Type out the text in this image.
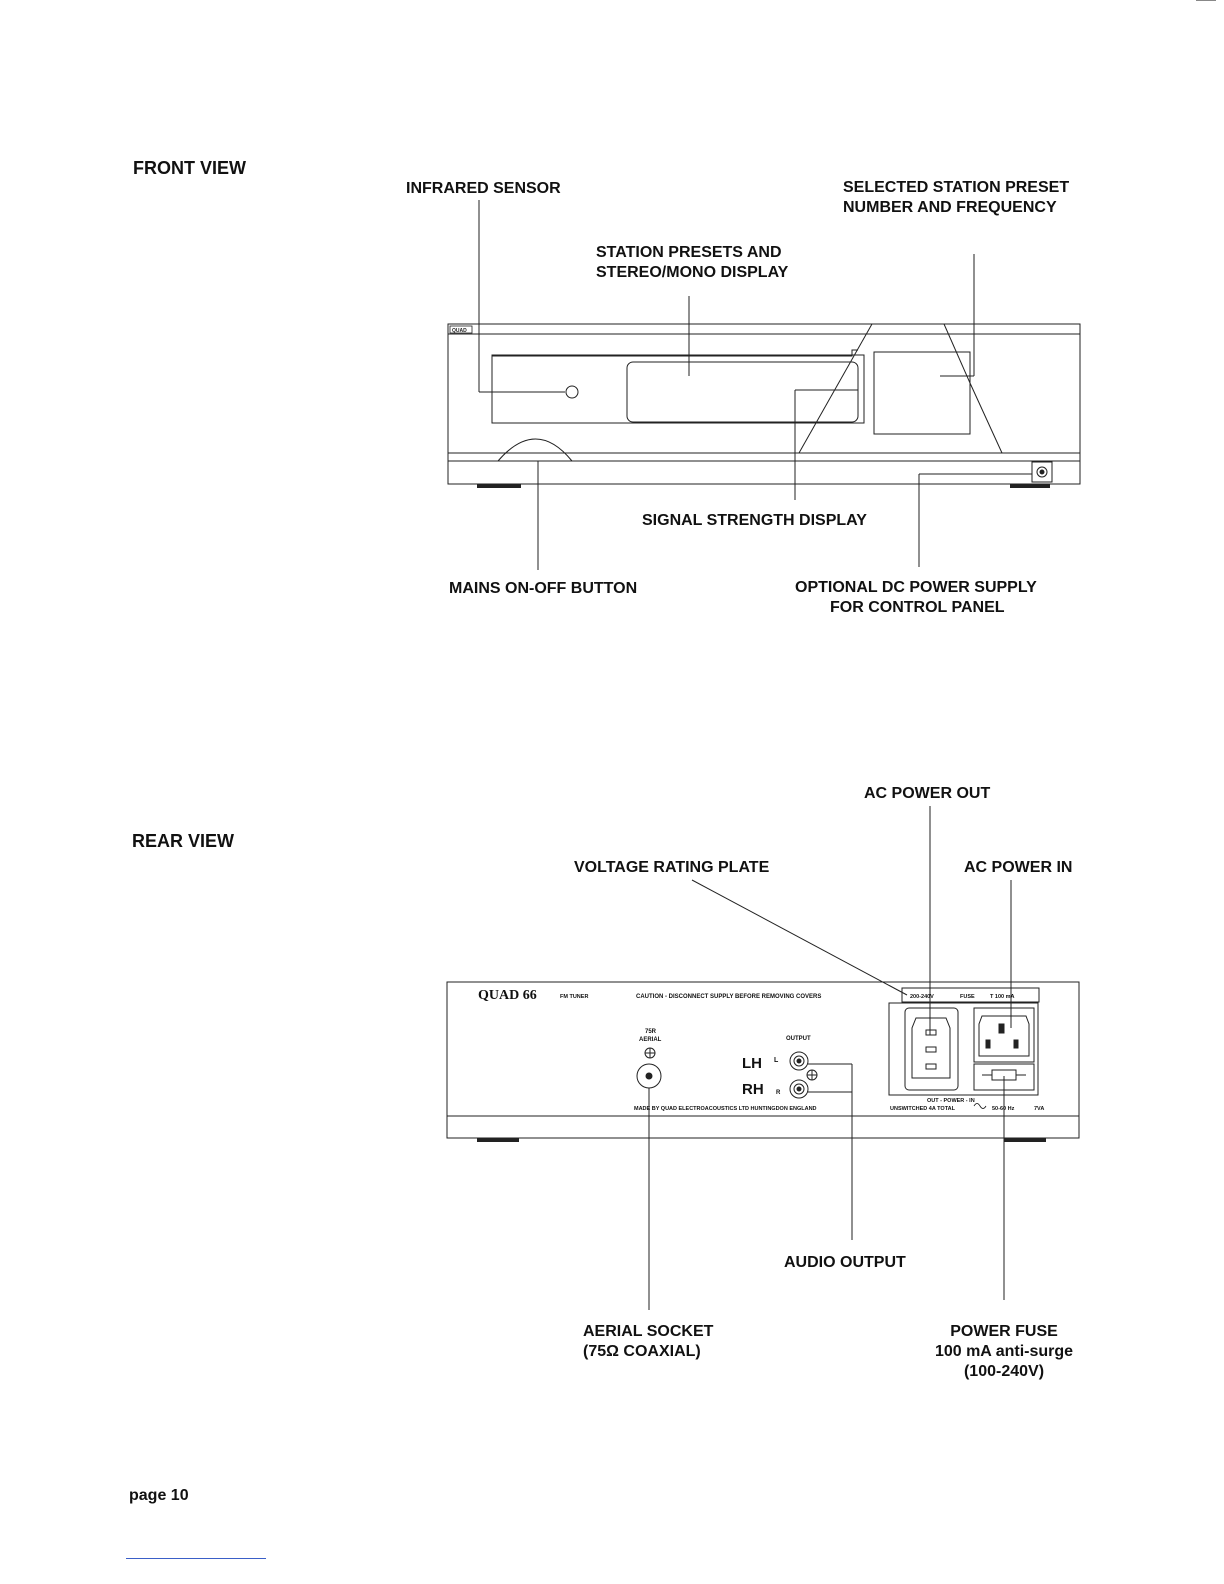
FRONT VIEW
INFRARED SENSOR	SELECTED STATION PRESET
NUMBER AND FREQUENCY
STATION PRESETS AND
STEREO/MONO DISPLAY
SIGNAL STRENGTH DISPLAY
MAINS ON-OFF BUTTON	OPTIONAL DC POWER SUPPLY
FOR CONTROL PANEL
QUAD
REAR VIEW
AC POWER OUT
VOLTAGE RATING PLATE	AC POWER IN
AUDIO OUTPUT
AERIAL SOCKET
(75Ω COAXIAL)
POWER FUSE
100 mA anti-surge
(100-240V)
QUAD 66	FM TUNER	CAUTION - DISCONNECT SUPPLY BEFORE REMOVING COVERS	200-240V	FUSE	T 100 mA
75R
AERIAL	OUTPUT
LH L
RH R
MADE BY QUAD ELECTROACOUSTICS LTD HUNTINGDON ENGLAND
OUT - POWER - IN
UNSWITCHED 4A TOTAL	50-60 Hz	7VA
page 10
